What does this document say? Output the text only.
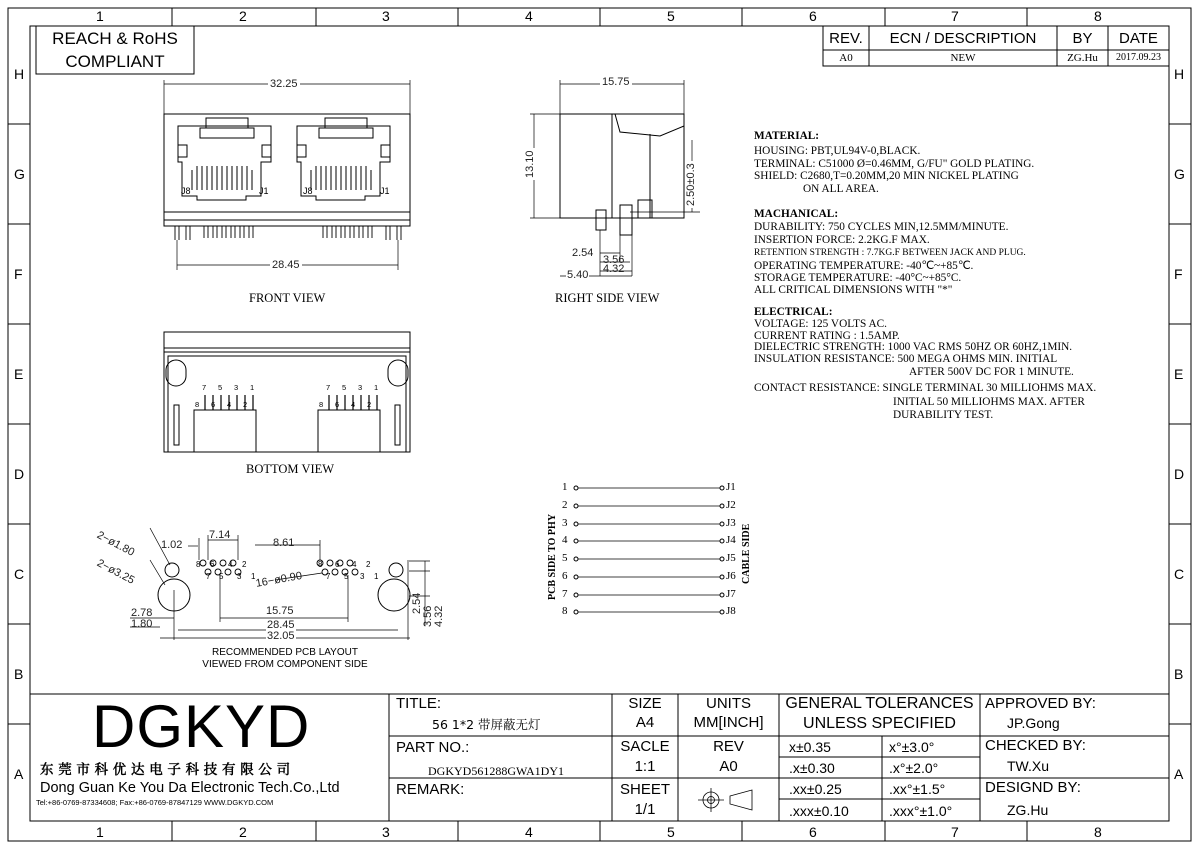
1	2	3	4	5	6	7	8
1	2	3	4	5	6	7	8
H
G
F
E
D
C
B
A
H
G
F
E
D
C
B
A
REACH & RoHS
COMPLIANT
REV.	ECN / DESCRIPTION	BY	DATE
A0	NEW	ZG.Hu	2017.09.23
32.25
28.45
J8	J1	J8	J1
FRONT VIEW
15.75
13.10	2.50±0.3
2.54
3.56
4.32
5.40
RIGHT SIDE VIEW
7 5 3 1
8 6 4 2
7 5 3 1
8 6 4 2
BOTTOM VIEW
2−ø1.80
2−ø3.25
1.02
7.14
8.61
16−ø0.90
15.75
28.45
32.05
2.78
1.80
2.54
3.56 4.32
8
7
6
5
4
3
2
1
8
7
6
5
4
3
2
1
RECOMMENDED PCB LAYOUT
VIEWED FROM COMPONENT SIDE
MATERIAL:
HOUSING: PBT,UL94V-0,BLACK.
TERMINAL: C51000 Ø=0.46MM, G/FU" GOLD PLATING.
SHIELD: C2680,T=0.20MM,20 MIN NICKEL PLATING
ON ALL AREA.
MACHANICAL:
DURABILITY: 750 CYCLES MIN,12.5MM/MINUTE.
INSERTION FORCE: 2.2KG.F MAX.
RETENTION STRENGTH : 7.7KG.F BETWEEN JACK AND PLUG.
OPERATING TEMPERATURE: -40℃~+85℃.
STORAGE TEMPERATURE: -40°C~+85°C.
ALL CRITICAL DIMENSIONS WITH "*"
ELECTRICAL:
VOLTAGE: 125 VOLTS AC.
CURRENT RATING : 1.5AMP.
DIELECTRIC STRENGTH: 1000 VAC RMS 50HZ OR 60HZ,1MIN.
INSULATION RESISTANCE: 500 MEGA OHMS MIN. INITIAL
AFTER 500V DC FOR 1 MINUTE.
CONTACT RESISTANCE: SINGLE TERMINAL 30 MILLIOHMS MAX.
INITIAL 50 MILLIOHMS MAX. AFTER
DURABILITY TEST.
PCB SIDE TO PHY	CABLE SIDE
1
2
3
4
5
6
7
8
J1
J2
J3
J4
J5
J6
J7
J8
DGKYD
东 莞 市 科 优 达 电 子 科 技 有 限 公 司
Dong Guan Ke You Da Electronic Tech.Co.,Ltd
Tel:+86-0769-87334608; Fax:+86-0769-87847129 WWW.DGKYD.COM
TITLE:
56 1*2 带屏蔽无灯
PART NO.:
DGKYD561288GWA1DY1
REMARK:
SIZE
A4
UNITS
MM[INCH]
SACLE
1:1
REV
A0
SHEET
1/1
GENERAL TOLERANCES
UNLESS SPECIFIED
x±0.35	x°±3.0°
.x±0.30	.x°±2.0°
.xx±0.25	.xx°±1.5°
.xxx±0.10	.xxx°±1.0°
APPROVED BY:
JP.Gong
CHECKED BY:
TW.Xu
DESIGND BY:
ZG.Hu
